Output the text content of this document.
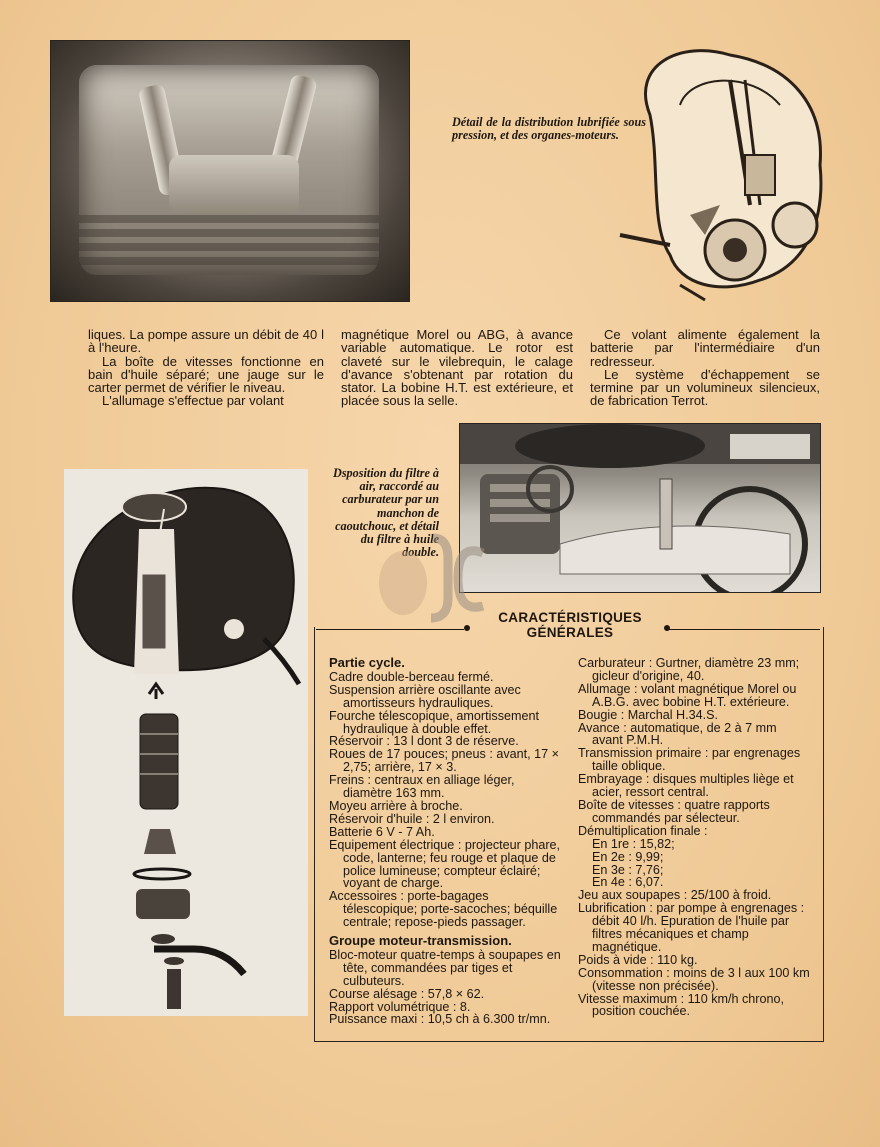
Détail de la distribution lubrifiée sous pression, et des organes-moteurs.

liques. La pompe assure un débit de 40 l à l'heure.

La boîte de vitesses fonctionne en bain d'huile séparé; une jauge sur le carter permet de vérifier le niveau.

L'allumage s'effectue par volant

magnétique Morel ou ABG, à avance variable automatique. Le rotor est claveté sur le vilebrequin, le calage d'avance s'obtenant par rotation du stator. La bobine H.T. est extérieure, et placée sous la selle.

Ce volant alimente également la batterie par l'intermédiaire d'un redresseur.

Le système d'échappement se termine par un volumineux silencieux, de fabrication Terrot.

Dsposition du filtre à air, raccordé au carburateur par un manchon de caoutchouc, et détail du filtre à huile double.
CARACTÉRISTIQUES
GÉNÉRALES
Partie cycle.
Cadre double-berceau fermé.
Suspension arrière oscillante avec amortisseurs hydrauliques.
Fourche télescopique, amortissement hydraulique à double effet.
Réservoir : 13 l dont 3 de réserve.
Roues de 17 pouces; pneus : avant, 17 × 2,75; arrière, 17 × 3.
Freins : centraux en alliage léger, diamètre 163 mm.
Moyeu arrière à broche.
Réservoir d'huile : 2 l environ.
Batterie 6 V - 7 Ah.
Equipement électrique : projecteur phare, code, lanterne; feu rouge et plaque de police lumineuse; compteur éclairé; voyant de charge.
Accessoires : porte-bagages télescopique; porte-sacoches; béquille centrale; repose-pieds passager.
Groupe moteur-transmission.
Bloc-moteur quatre-temps à soupapes en tête, commandées par tiges et culbuteurs.
Course alésage : 57,8 × 62.
Rapport volumétrique : 8.
Puissance maxi : 10,5 ch à 6.300 tr/mn.
Carburateur : Gurtner, diamètre 23 mm; gicleur d'origine, 40.
Allumage : volant magnétique Morel ou A.B.G. avec bobine H.T. extérieure.
Bougie : Marchal H.34.S.
Avance : automatique, de 2 à 7 mm avant P.M.H.
Transmission primaire : par engrenages taille oblique.
Embrayage : disques multiples liège et acier, ressort central.
Boîte de vitesses : quatre rapports commandés par sélecteur.
Démultiplication finale :
En 1re : 15,82;
En 2e : 9,99;
En 3e : 7,76;
En 4e : 6,07.
Jeu aux soupapes : 25/100 à froid.
Lubrification : par pompe à engrenages : débit 40 l/h. Epuration de l'huile par filtres mécaniques et champ magnétique.
Poids à vide : 110 kg.
Consommation : moins de 3 l aux 100 km (vitesse non précisée).
Vitesse maximum : 110 km/h chrono, position couchée.
